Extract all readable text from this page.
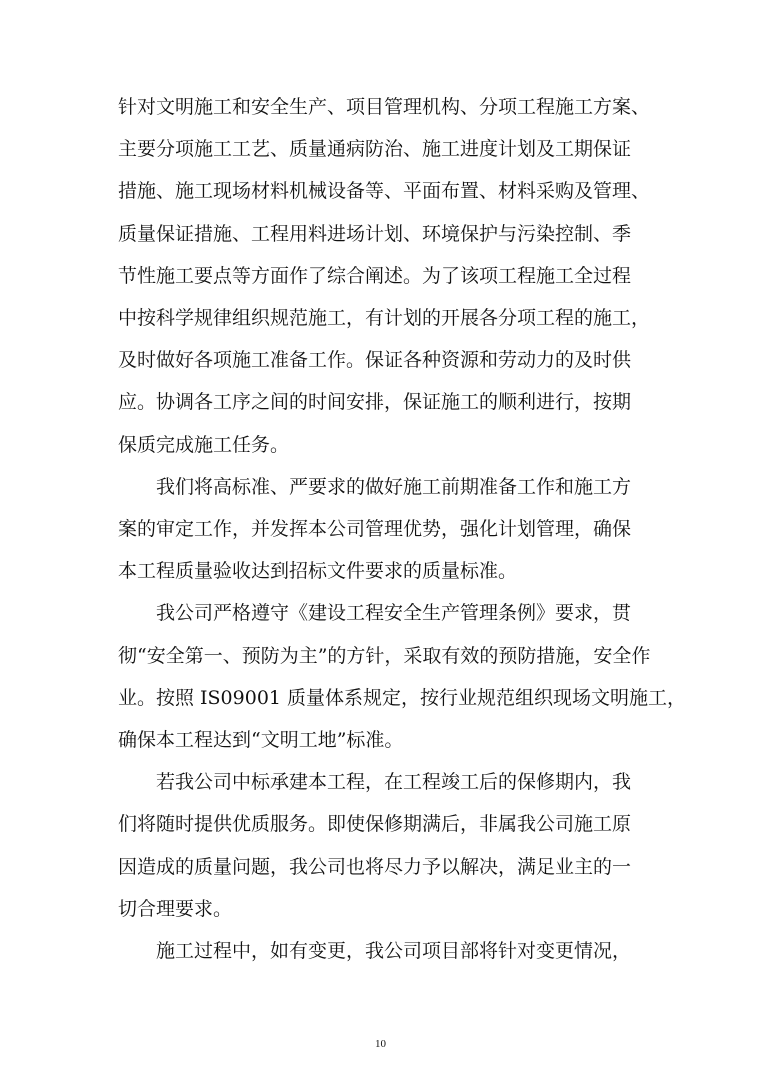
针对文明施工和安全生产、项目管理机构、分项工程施工方案、

主要分项施工工艺、质量通病防治、施工进度计划及工期保证

措施、施工现场材料机械设备等、平面布置、材料采购及管理、

质量保证措施、工程用料进场计划、环境保护与污染控制、季

节性施工要点等方面作了综合阐述。为了该项工程施工全过程

中按科学规律组织规范施工，有计划的开展各分项工程的施工，

及时做好各项施工准备工作。保证各种资源和劳动力的及时供

应。协调各工序之间的时间安排，保证施工的顺利进行，按期

保质完成施工任务。

我们将高标准、严要求的做好施工前期准备工作和施工方

案的审定工作，并发挥本公司管理优势，强化计划管理，确保

本工程质量验收达到招标文件要求的质量标准。

我公司严格遵守《建设工程安全生产管理条例》要求，贯

彻“安全第一、预防为主”的方针，采取有效的预防措施，安全作

业。按照 IS09001 质量体系规定，按行业规范组织现场文明施工，

确保本工程达到“文明工地”标准。

若我公司中标承建本工程，在工程竣工后的保修期内，我

们将随时提供优质服务。即使保修期满后，非属我公司施工原

因造成的质量问题，我公司也将尽力予以解决，满足业主的一

切合理要求。

施工过程中，如有变更，我公司项目部将针对变更情况，

10
